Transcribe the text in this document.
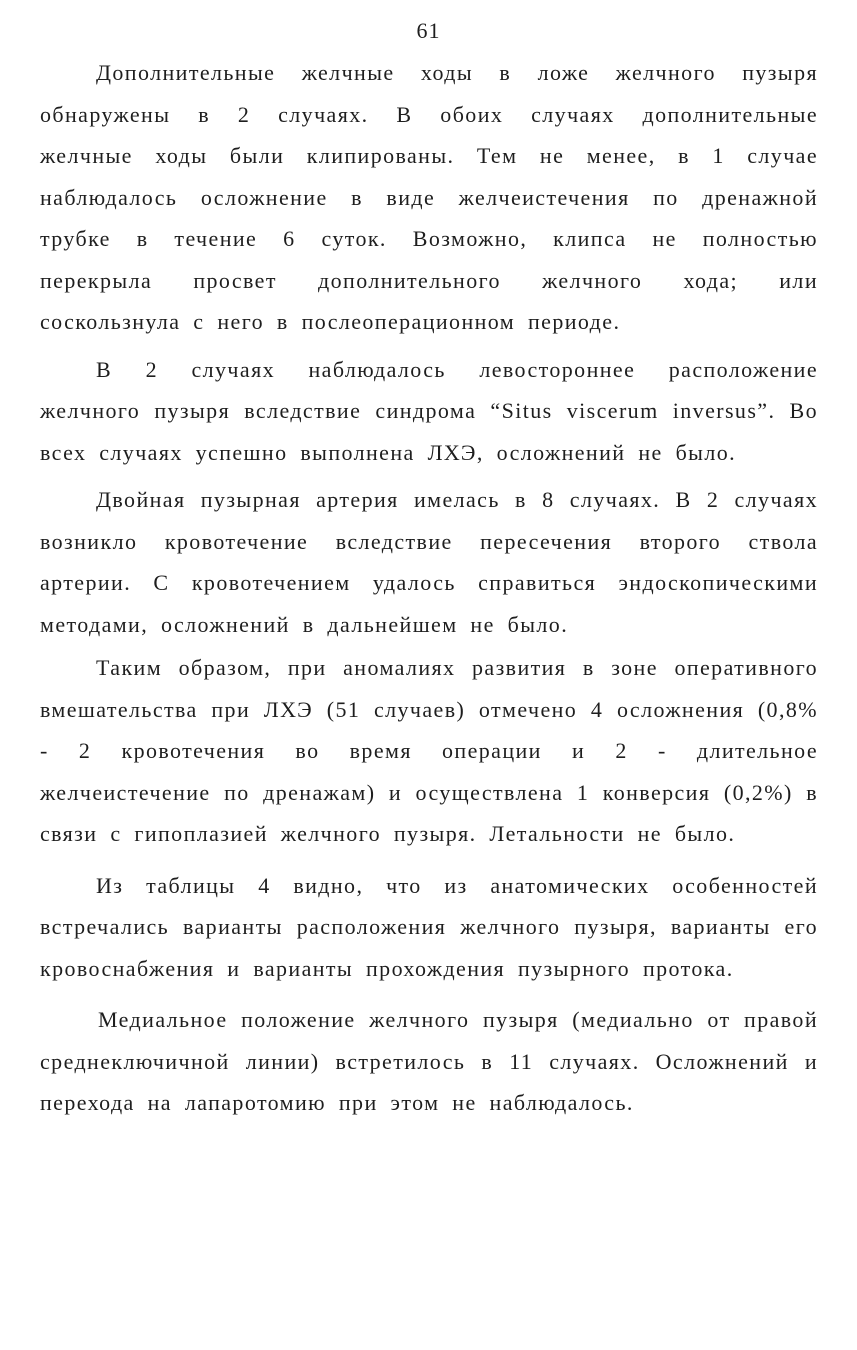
61

Дополнительные желчные ходы в ложе желчного пузыря обнаружены в 2 случаях. В обоих случаях дополнительные желчные ходы были клипированы. Тем не менее, в 1 случае наблюдалось осложнение в виде желчеистечения по дренажной трубке в течение 6 суток. Возможно, клипса не полностью перекрыла просвет дополнительного желчного хода; или соскользнула с него в послеоперационном периоде.

В 2 случаях наблюдалось левостороннее расположение желчного пузыря вследствие синдрома “Situs viscerum inversus”. Во всех случаях успешно выполнена ЛХЭ, осложнений не было.

Двойная пузырная артерия имелась в 8 случаях. В 2 случаях возникло кровотечение вследствие пересечения второго ствола артерии. С кровотечением удалось справиться эндоскопическими методами, осложнений в дальнейшем не было.

Таким образом, при аномалиях развития в зоне оперативного вмешательства при ЛХЭ (51 случаев) отмечено 4 осложнения (0,8% - 2 кровотечения во время операции и 2 - длительное желчеистечение по дренажам) и осуществлена 1 конверсия (0,2%) в связи с гипоплазией желчного пузыря. Летальности не было.

Из таблицы 4 видно, что из анатомических особенностей встречались варианты расположения желчного пузыря, варианты его кровоснабжения и варианты прохождения пузырного протока.

Медиальное положение желчного пузыря (медиально от правой среднеключичной линии) встретилось в 11 случаях. Осложнений и перехода на лапаротомию при этом не наблюдалось.
